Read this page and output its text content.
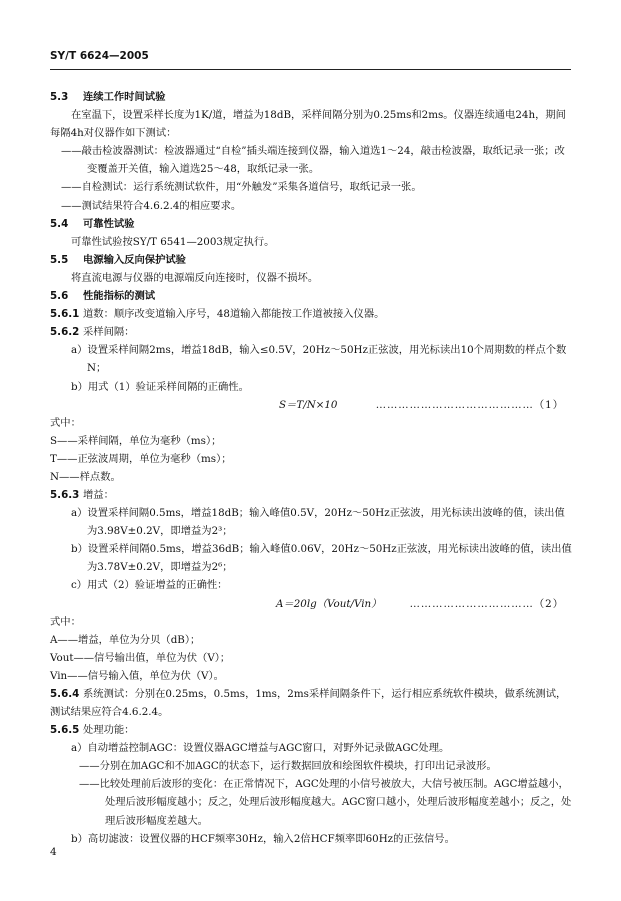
SY/T 6624—2005
5.3 连续工作时间试验
在室温下，设置采样长度为1K/道，增益为18dB，采样间隔分别为0.25ms和2ms。仪器连续通电24h，期间每隔4h对仪器作如下测试：
——敲击检波器测试：检波器通过“自检”插头端连接到仪器，输入道选1～24，敲击检波器，取纸记录一张；改变覆盖开关值，输入道选25～48，取纸记录一张。
——自检测试：运行系统测试软件，用“外触发”采集各道信号，取纸记录一张。
——测试结果符合4.6.2.4的相应要求。
5.4 可靠性试验
可靠性试验按SY/T 6541—2003规定执行。
5.5 电源输入反向保护试验
将直流电源与仪器的电源端反向连接时，仪器不损坏。
5.6 性能指标的测试
5.6.1 道数：顺序改变道输入序号，48道输入都能按工作道被接入仪器。
5.6.2 采样间隔：
a）设置采样间隔2ms，增益18dB，输入≤0.5V，20Hz～50Hz正弦波，用光标读出10个周期数的样点个数N；
b）用式（1）验证采样间隔的正确性。
S＝T/N×10	……………………………………（1）
式中：
S——采样间隔，单位为毫秒（ms）；
T——正弦波周期，单位为毫秒（ms）；
N——样点数。
5.6.3 增益：
a）设置采样间隔0.5ms，增益18dB；输入峰值0.5V，20Hz～50Hz正弦波，用光标读出波峰的值，读出值为3.98V±0.2V，即增益为2³；
b）设置采样间隔0.5ms，增益36dB；输入峰值0.06V，20Hz～50Hz正弦波，用光标读出波峰的值，读出值为3.78V±0.2V，即增益为2⁶；
c）用式（2）验证增益的正确性：
A＝20lg（Vout/Vin）	……………………………（2）
式中：
A——增益，单位为分贝（dB）；
Vout——信号输出值，单位为伏（V）；
Vin——信号输入值，单位为伏（V）。
5.6.4 系统测试：分别在0.25ms，0.5ms，1ms，2ms采样间隔条件下，运行相应系统软件模块，做系统测试，测试结果应符合4.6.2.4。
5.6.5 处理功能：
a）自动增益控制AGC：设置仪器AGC增益与AGC窗口，对野外记录做AGC处理。
——分别在加AGC和不加AGC的状态下，运行数据回放和绘图软件模块，打印出记录波形。
——比较处理前后波形的变化：在正常情况下，AGC处理的小信号被放大，大信号被压制。AGC增益越小，处理后波形幅度越小；反之，处理后波形幅度越大。AGC窗口越小，处理后波形幅度差越小；反之，处理后波形幅度差越大。
b）高切滤波：设置仪器的HCF频率30Hz，输入2倍HCF频率即60Hz的正弦信号。
4
